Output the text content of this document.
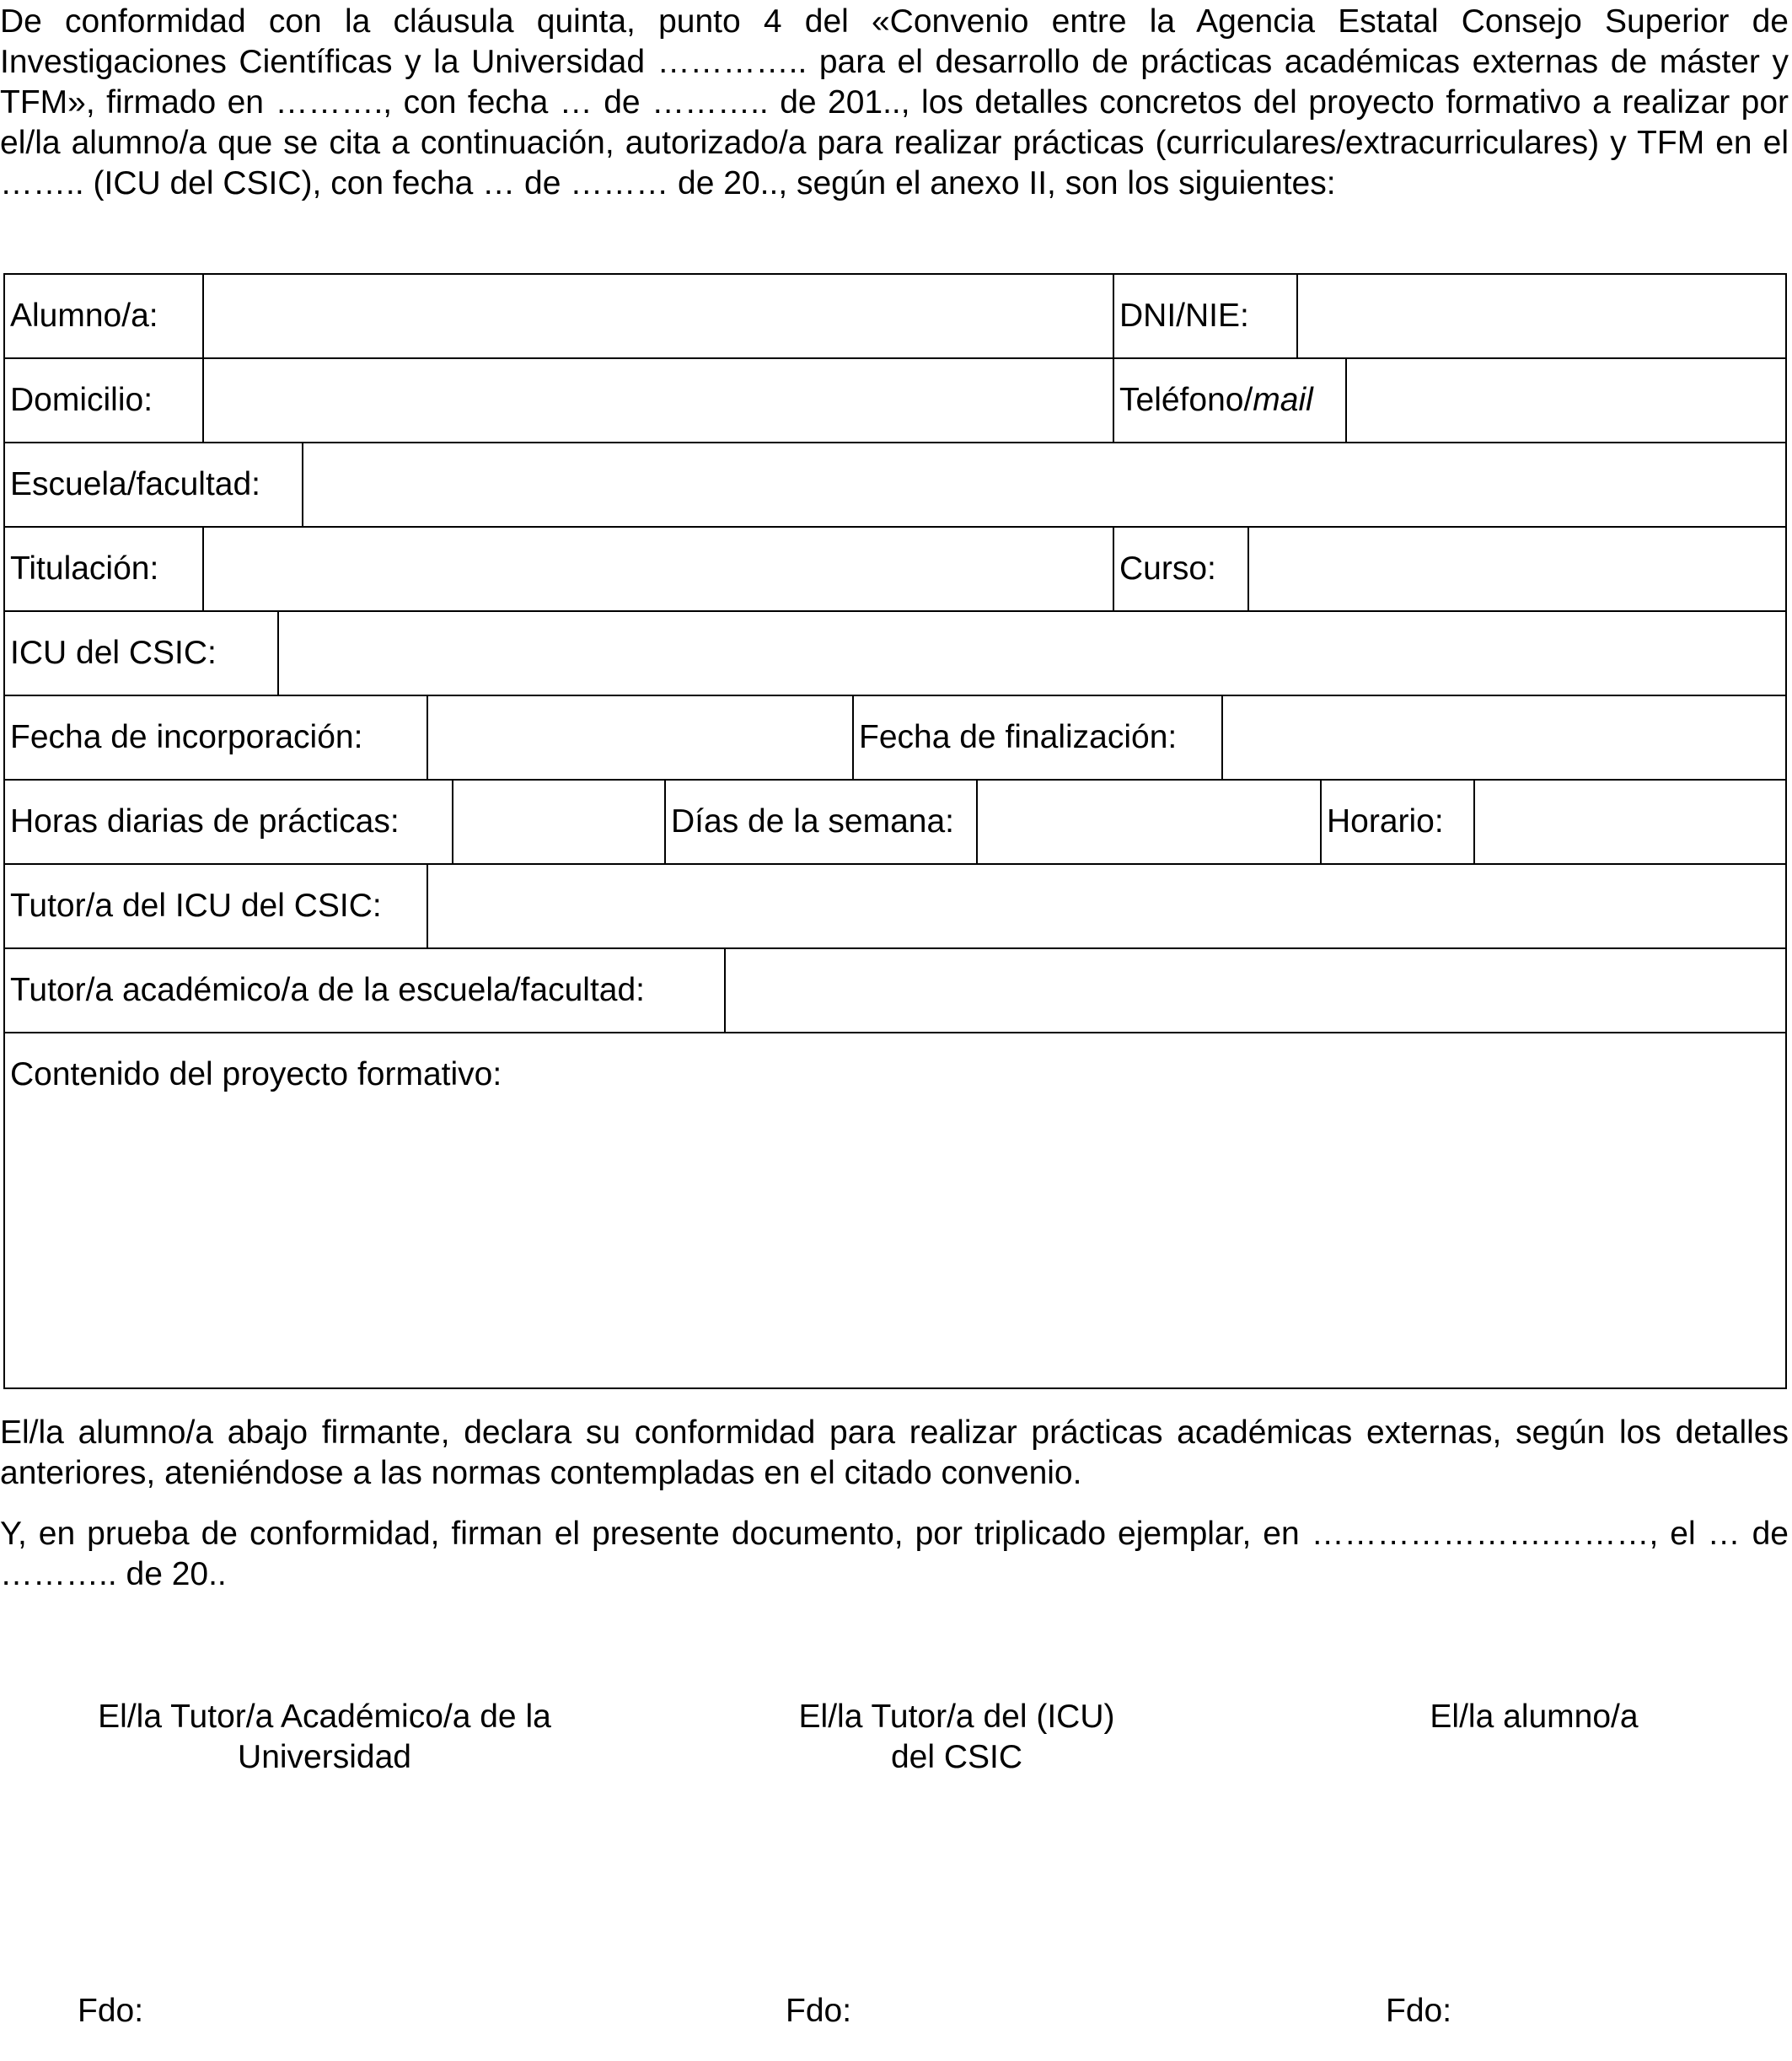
De conformidad con la cláusula quinta, punto 4 del «Convenio entre la Agencia Estatal Consejo Superior de Investigaciones Científicas y la Universidad ………….. para el desarrollo de prácticas académicas externas de máster y TFM», firmado en ………., con fecha … de ……….. de 201.., los detalles concretos del proyecto formativo a realizar por el/la alumno/a que se cita a continuación, autorizado/a para realizar prácticas (curriculares/extracurriculares) y TFM en el …….. (ICU del CSIC), con fecha … de ……… de 20.., según el anexo II, son los siguientes:

Alumno/a:	DNI/NIE:
Domicilio:	Teléfono/ mail
Escuela/facultad:
Titulación:	Curso:
ICU del CSIC:
Fecha de incorporación:	Fecha de finalización:
Horas diarias de prácticas:	Días de la semana:	Horario:
Tutor/a del ICU del CSIC:
Tutor/a académico/a de la escuela/facultad:
Contenido del proyecto formativo:

El/la alumno/a abajo firmante, declara su conformidad para realizar prácticas académicas externas, según los detalles anteriores, ateniéndose a las normas contempladas en el citado convenio.

Y, en prueba de conformidad, firman el presente documento, por triplicado ejemplar, en ………………….………, el … de ……….. de 20..

El/la Tutor/a Académico/a de la
Universidad
El/la Tutor/a del (ICU)
del CSIC
El/la alumno/a
Fdo:	Fdo:	Fdo:
